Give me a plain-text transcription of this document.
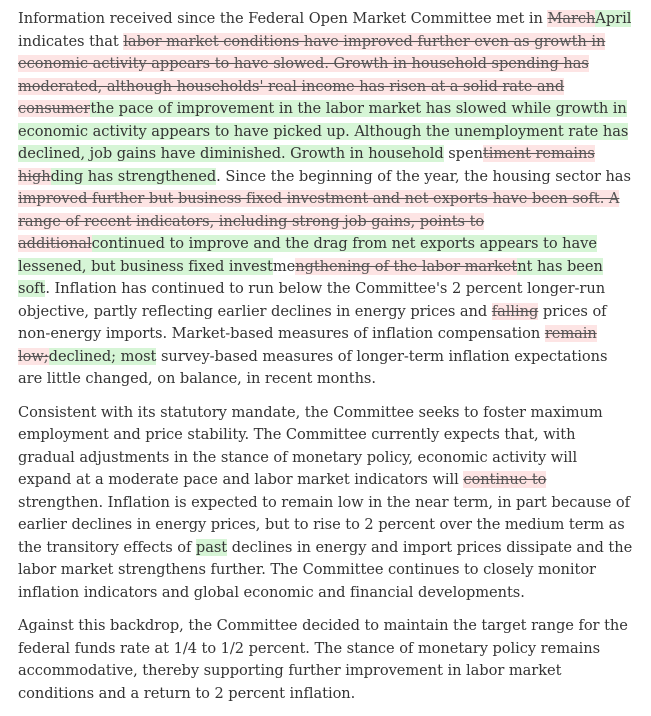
Information received since the Federal Open Market Committee met in MarchApril indicates that labor market conditions have improved further even as growth in economic activity appears to have slowed. Growth in household spending has moderated, although households' real income has risen at a solid rate and consumerthe pace of improvement in the labor market has slowed while growth in economic activity appears to have picked up. Although the unemployment rate has declined, job gains have diminished. Growth in household spentiment remains highding has strengthened. Since the beginning of the year, the housing sector has improved further but business fixed investment and net exports have been soft. A range of recent indicators, including strong job gains, points to additionalcontinued to improve and the drag from net exports appears to have lessened, but business fixed investmengthening of the labor marketnt has been soft. Inflation has continued to run below the Committee's 2 percent longer-run objective, partly reflecting earlier declines in energy prices and falling prices of non-energy imports. Market-based measures of inflation compensation remain low;declined; most survey-based measures of longer-term inflation expectations are little changed, on balance, in recent months.

Consistent with its statutory mandate, the Committee seeks to foster maximum employment and price stability. The Committee currently expects that, with gradual adjustments in the stance of monetary policy, economic activity will expand at a moderate pace and labor market indicators will continue to strengthen. Inflation is expected to remain low in the near term, in part because of earlier declines in energy prices, but to rise to 2 percent over the medium term as the transitory effects of past declines in energy and import prices dissipate and the labor market strengthens further. The Committee continues to closely monitor inflation indicators and global economic and financial developments.

Against this backdrop, the Committee decided to maintain the target range for the federal funds rate at 1/4 to 1/2 percent. The stance of monetary policy remains accommodative, thereby supporting further improvement in labor market conditions and a return to 2 percent inflation.
